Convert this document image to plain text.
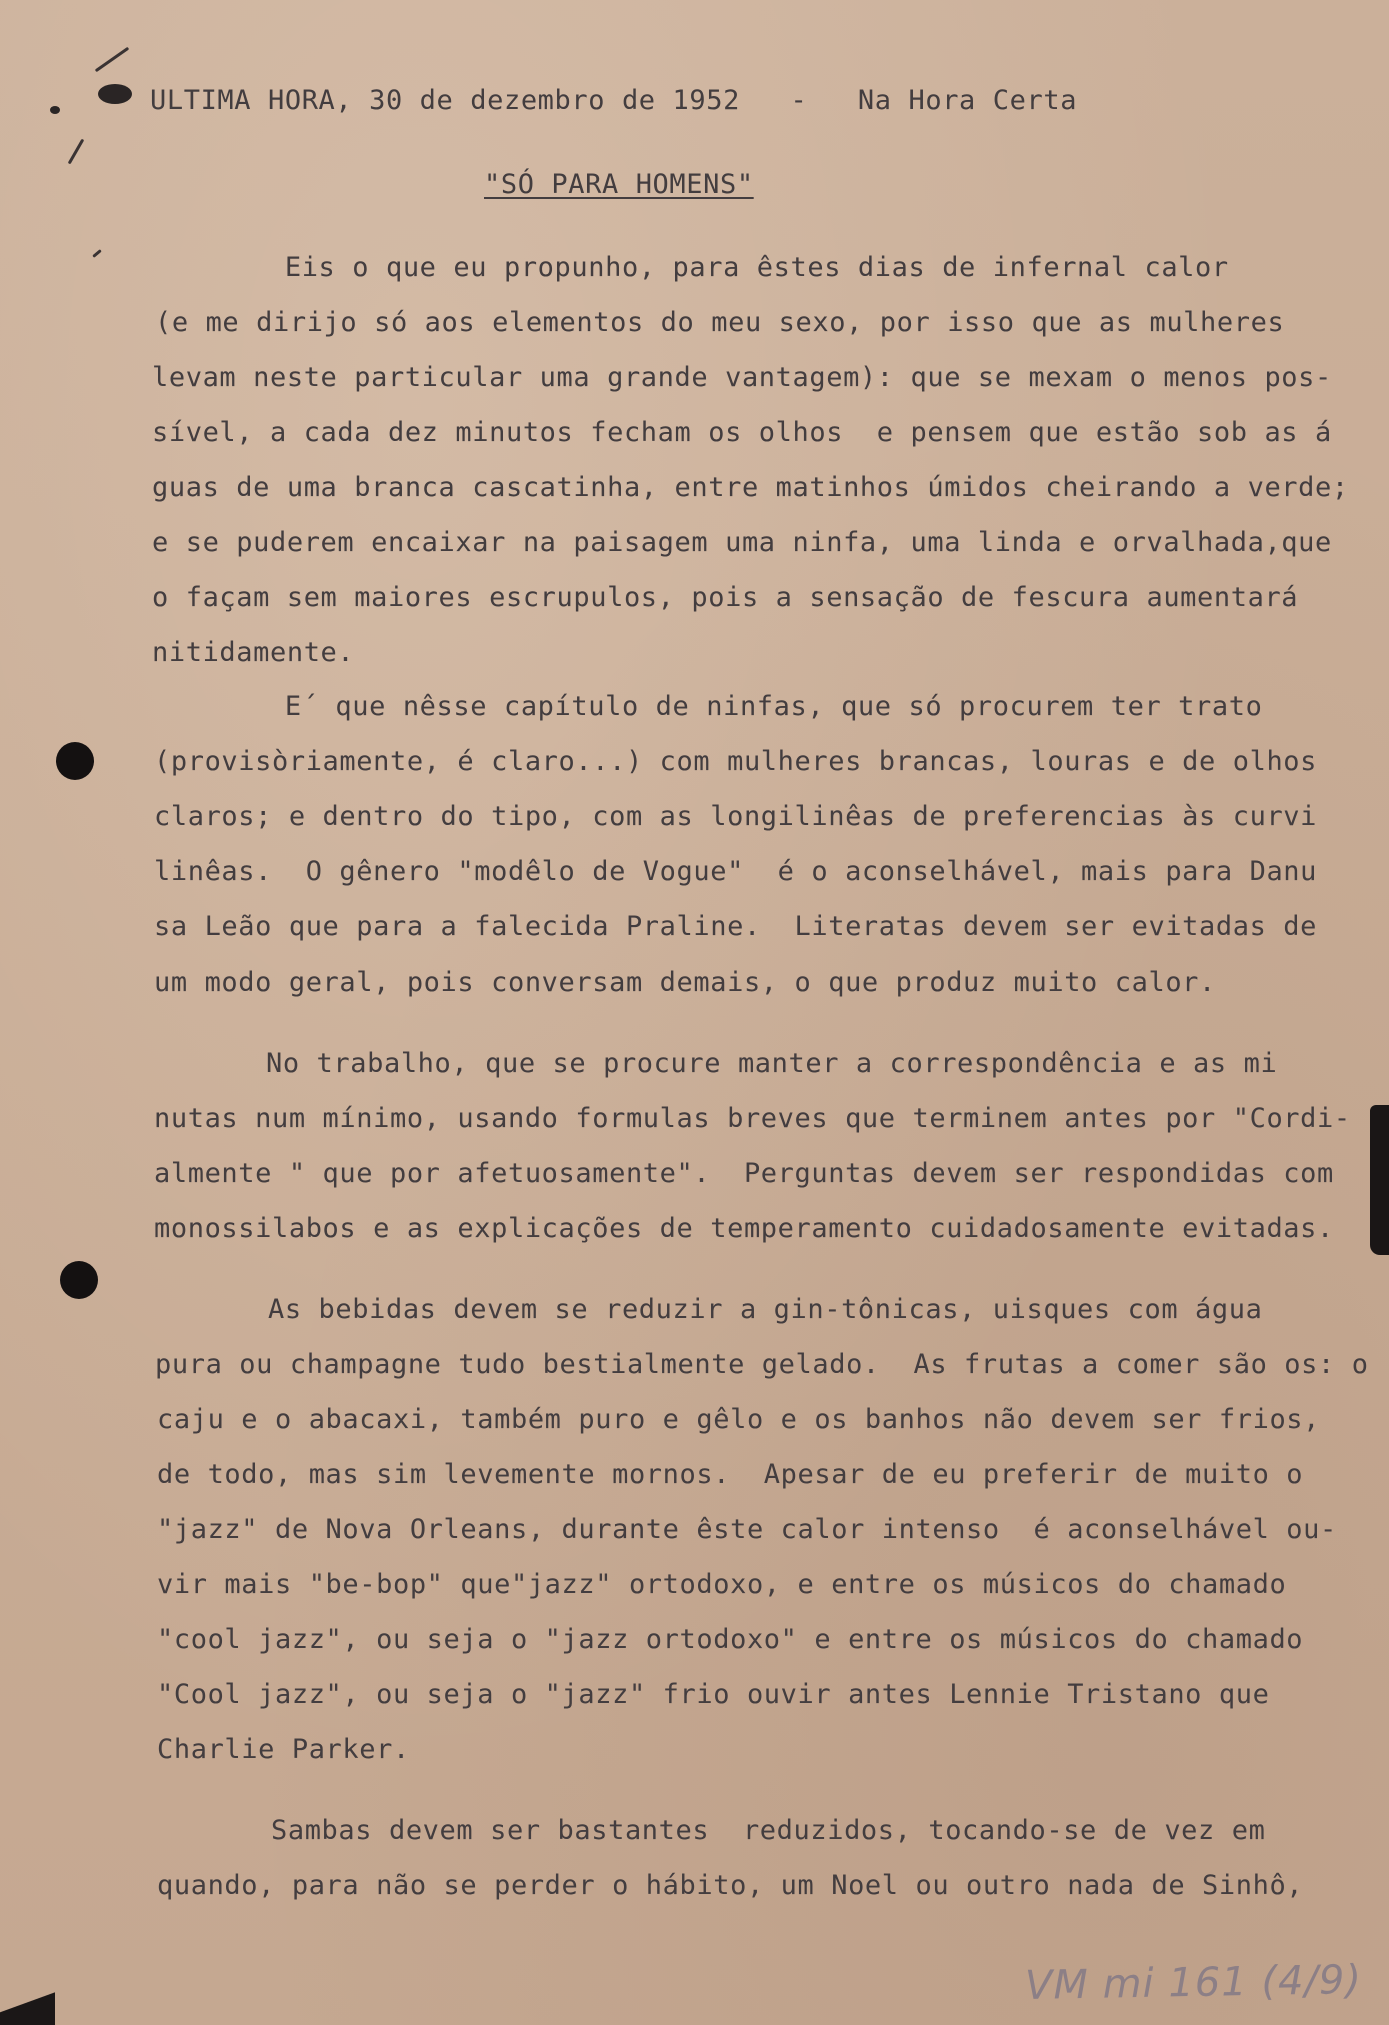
ULTIMA HORA, 30 de dezembro de 1952   -   Na Hora Certa
"SÓ PARA HOMENS"
Eis o que eu propunho, para êstes dias de infernal calor
(e me dirijo só aos elementos do meu sexo, por isso que as mulheres
levam neste particular uma grande vantagem): que se mexam o menos pos-
sível, a cada dez minutos fecham os olhos  e pensem que estão sob as á
guas de uma branca cascatinha, entre matinhos úmidos cheirando a verde;
e se puderem encaixar na paisagem uma ninfa, uma linda e orvalhada,que
o façam sem maiores escrupulos, pois a sensação de fescura aumentará
nitidamente.
E´ que nêsse capítulo de ninfas, que só procurem ter trato
(provisòriamente, é claro...) com mulheres brancas, louras e de olhos
claros; e dentro do tipo, com as longilinêas de preferencias às curvi
linêas.  O gênero "modêlo de Vogue"  é o aconselhável, mais para Danu
sa Leão que para a falecida Praline.  Literatas devem ser evitadas de
um modo geral, pois conversam demais, o que produz muito calor.
No trabalho, que se procure manter a correspondência e as mi
nutas num mínimo, usando formulas breves que terminem antes por "Cordi-
almente " que por afetuosamente".  Perguntas devem ser respondidas com
monossilabos e as explicações de temperamento cuidadosamente evitadas.
As bebidas devem se reduzir a gin-tônicas, uisques com água
pura ou champagne tudo bestialmente gelado.  As frutas a comer são os: o
caju e o abacaxi, também puro e gêlo e os banhos não devem ser frios,
de todo, mas sim levemente mornos.  Apesar de eu preferir de muito o
"jazz" de Nova Orleans, durante êste calor intenso  é aconselhável ou-
vir mais "be-bop" que"jazz" ortodoxo, e entre os músicos do chamado
"cool jazz", ou seja o "jazz ortodoxo" e entre os músicos do chamado
"Cool jazz", ou seja o "jazz" frio ouvir antes Lennie Tristano que
Charlie Parker.
Sambas devem ser bastantes  reduzidos, tocando-se de vez em
quando, para não se perder o hábito, um Noel ou outro nada de Sinhô,
VM mi 161 (4/9)
